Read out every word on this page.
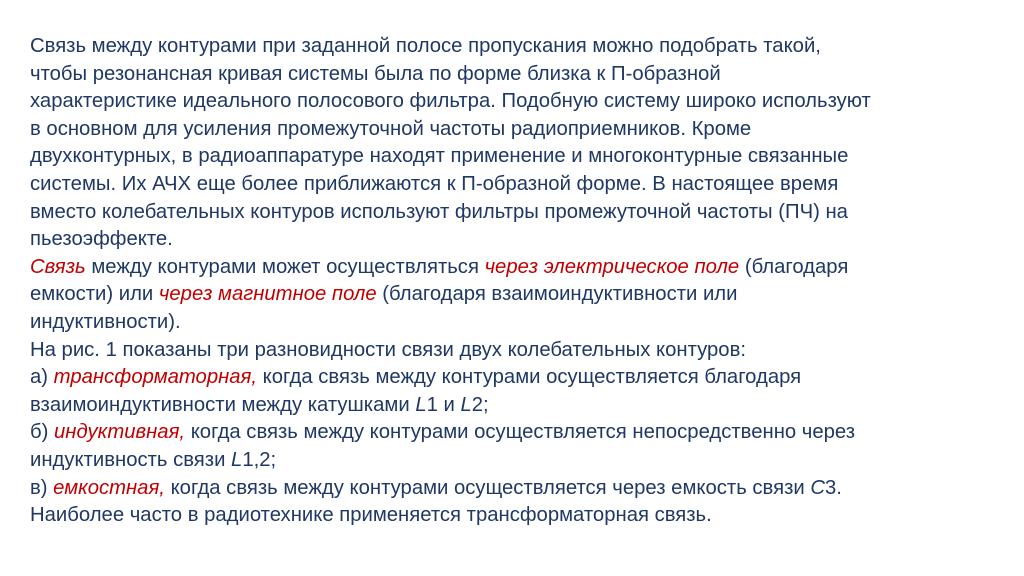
Связь между контурами при заданной полосе пропускания можно подобрать такой,
чтобы резонансная кривая системы была по форме близка к П-образной
характеристике идеального полосового фильтра. Подобную систему широко используют
в основном для усиления промежуточной частоты радиоприемников. Кроме
двухконтурных, в радиоаппаратуре находят применение и многоконтурные связанные
системы. Их АЧХ еще более приближаются к П-образной форме. В настоящее время
вместо колебательных контуров используют фильтры промежуточной частоты (ПЧ) на
пьезоэффекте.
Связь между контурами может осуществляться через электрическое поле (благодаря
емкости) или через магнитное поле (благодаря взаимоиндуктивности или
индуктивности).
На рис. 1 показаны три разновидности связи двух колебательных контуров:
а) трансформаторная, когда связь между контурами осуществляется благодаря
взаимоиндуктивности между катушками L1 и L2;
б) индуктивная, когда связь между контурами осуществляется непосредственно через
индуктивность связи L1,2;
в) емкостная, когда связь между контурами осуществляется через емкость связи C3.
Наиболее часто в радиотехнике применяется трансформаторная связь.
